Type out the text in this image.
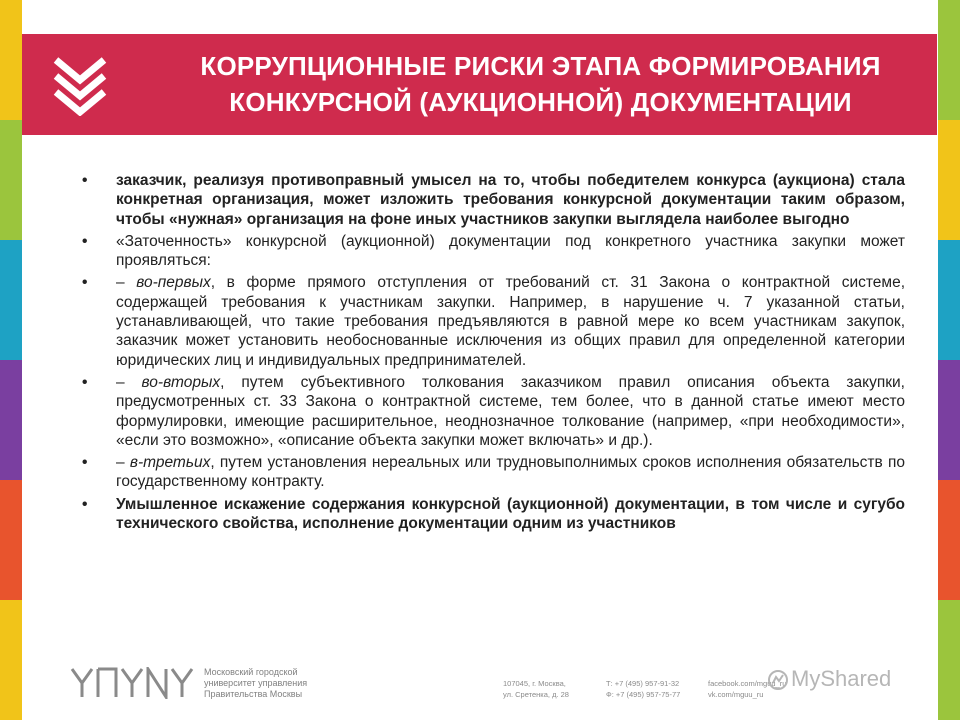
КОРРУПЦИОННЫЕ РИСКИ ЭТАПА ФОРМИРОВАНИЯ
КОНКУРСНОЙ (АУКЦИОННОЙ) ДОКУМЕНТАЦИИ
• заказчик, реализуя противоправный умысел на то, чтобы победителем конкурса (аукциона) стала конкретная организация, может изложить требования конкурсной документации таким образом, чтобы «нужная» организация на фоне иных участников закупки выглядела наиболее выгодно
• «Заточенность» конкурсной (аукционной) документации под конкретного участника закупки может проявляться:
• – во-первых, в форме прямого отступления от требований ст. 31 Закона о контрактной системе, содержащей требования к участникам закупки. Например, в нарушение ч. 7 указанной статьи, устанавливающей, что такие требования предъявляются в равной мере ко всем участникам закупок, заказчик может установить необоснованные исключения из общих правил для определенной категории юридических лиц и индивидуальных предпринимателей.
• – во-вторых, путем субъективного толкования заказчиком правил описания объекта закупки, предусмотренных ст. 33 Закона о контрактной системе, тем более, что в данной статье имеют место формулировки, имеющие расширительное, неоднозначное толкование (например, «при необходимости», «если это возможно», «описание объекта закупки может включать» и др.).
• – в-третьих, путем установления нереальных или трудновыполнимых сроков исполнения обязательств по государственному контракту.
• Умышленное искажение содержания конкурсной (аукционной) документации, в том числе и сугубо технического свойства, исполнение документации одним из участников
Московский городской
университет управления
Правительства Москвы
107045, г. Москва,
ул. Сретенка, д. 28
Т: +7 (495) 957-91-32
Ф: +7 (495) 957-75-77
facebook.com/mguu_ru
vk.com/mguu_ru
MyShared
